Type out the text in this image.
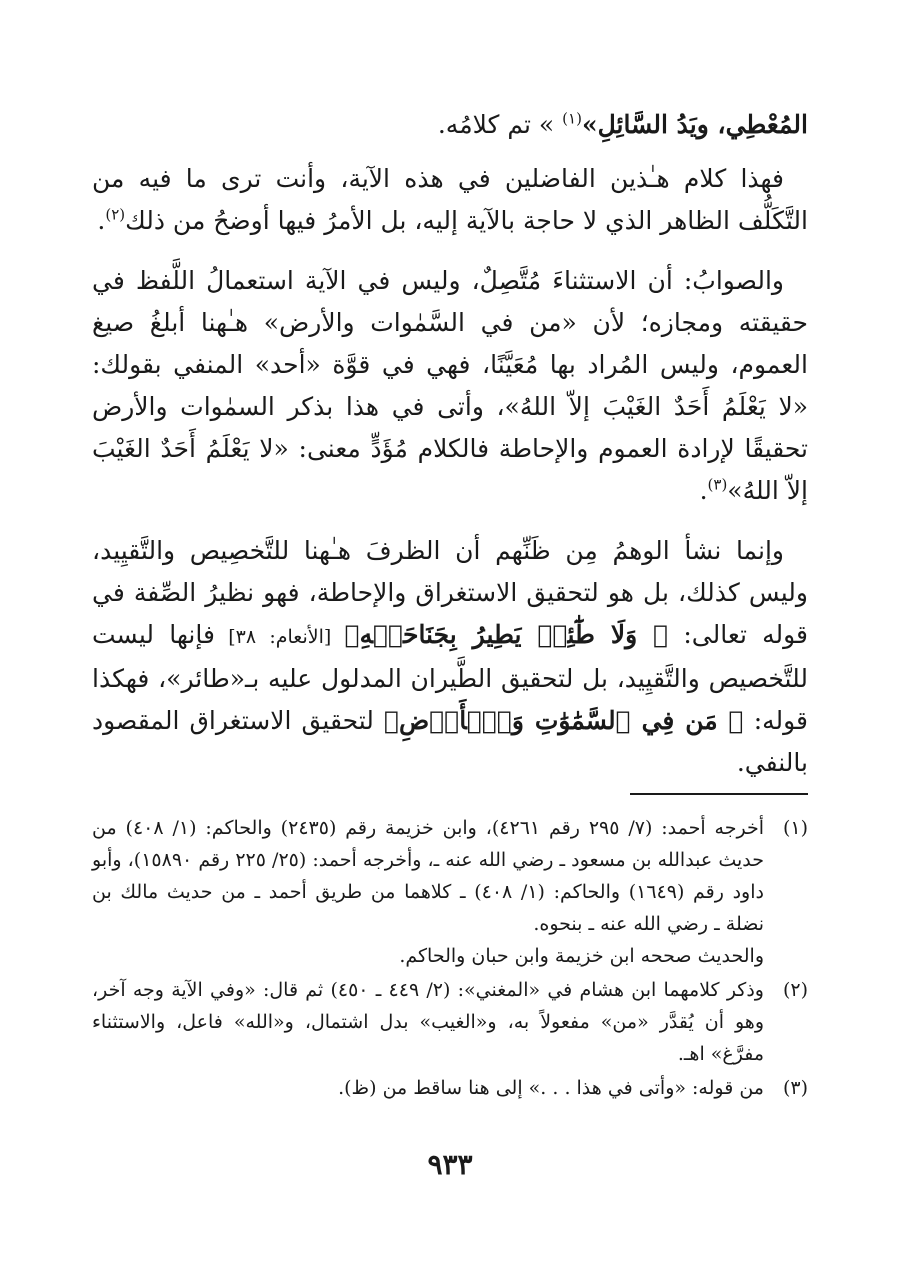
المُعْطِي، ويَدُ السَّائِلِ»$^{(١)}$ » تم كلامُه.

فهذا كلام هـٰذين الفاضلين في هذه الآية، وأنت ترى ما فيه من التَّكَلُّف الظاهر الذي لا حاجة بالآية إليه، بل الأمرُ فيها أوضحُ من ذلك$^{(٢)}$.

والصوابُ: أن الاستثناءَ مُتَّصِلٌ، وليس في الآية استعمالُ اللَّفظ في حقيقته ومجازه؛ لأن «من في السَّمٰوات والأرض» هـٰهنا أبلغُ صيغ العموم، وليس المُراد بها مُعَيَّنًا، فهي في قوَّة «أحد» المنفي بقولك: «لا يَعْلَمُ أَحَدٌ الغَيْبَ إلاّ اللهُ»، وأتى في هذا بذكر السمٰوات والأرض تحقيقًا لإرادة العموم والإحاطة فالكلام مُؤَدٍّ معنى: «لا يَعْلَمُ أَحَدٌ الغَيْبَ إلاّ اللهُ»$^{(٣)}$.

وإنما نشأ الوهمُ مِن ظَنِّهم أن الظرفَ هـٰهنا للتَّخصِيص والتَّقيِيد، وليس كذلك، بل هو لتحقيق الاستغراق والإحاطة، فهو نظيرُ الصِّفة في قوله تعالى: ﴿ وَلَا طَٰٓئِرٖ يَطِيرُ بِجَنَاحَيۡهِ﴾ [الأنعام: ٣٨] فإنها ليست للتَّخصيص والتَّقيِيد، بل لتحقيق الطَّيران المدلول عليه بـ«طائر»، فهكذا قوله: ﴿ مَن فِي ٱلسَّمَٰوَٰتِ وَٱلۡأَرۡضِ﴾ لتحقيق الاستغراق المقصود بالنفي.

(١)
أخرجه أحمد: (٧/ ٢٩٥ رقم ٤٢٦١)، وابن خزيمة رقم (٢٤٣٥) والحاكم: (١/ ٤٠٨) من حديث عبدالله بن مسعود ـ رضي الله عنه ـ، وأخرجه أحمد: (٢٥/ ٢٢٥ رقم ١٥٨٩٠)، وأبو داود رقم (١٦٤٩) والحاكم: (١/ ٤٠٨) ـ كلاهما من طريق أحمد ـ من حديث مالك بن نضلة ـ رضي الله عنه ـ بنحوه.
والحديث صححه ابن خزيمة وابن حبان والحاكم.
(٢)
وذكر كلامهما ابن هشام في «المغني»: (٢/ ٤٤٩ ـ ٤٥٠) ثم قال: «وفي الآية وجه آخر، وهو أن يُقدَّر «من» مفعولاً به، و«الغيب» بدل اشتمال، و«الله» فاعل، والاستثناء مفرَّغ» اهـ.
(٣)
من قوله: «وأتى في هذا . . .» إلى هنا ساقط من (ظ).
٩٣٣
